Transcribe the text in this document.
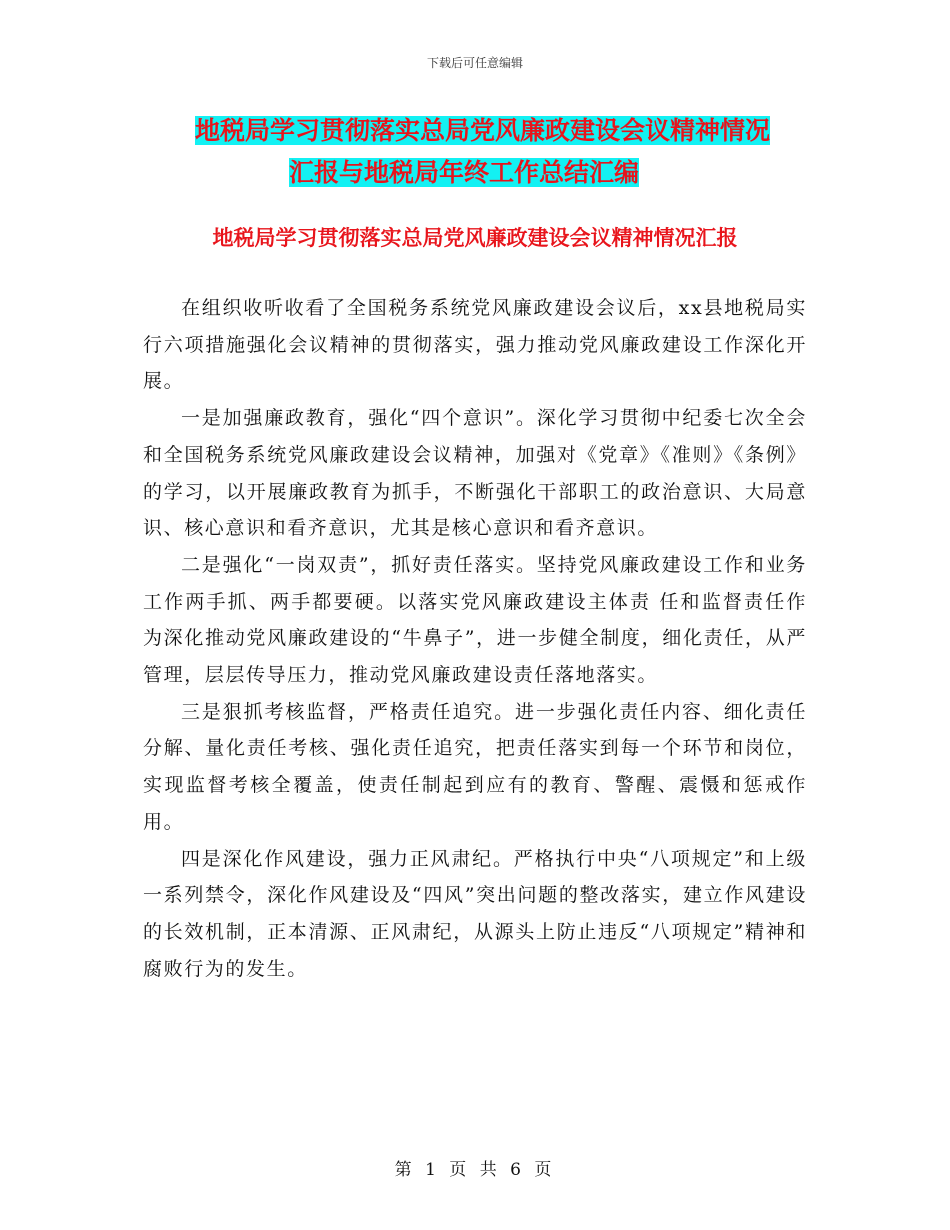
下载后可任意编辑
地税局学习贯彻落实总局党风廉政建设会议精神情况
汇报与地税局年终工作总结汇编
地税局学习贯彻落实总局党风廉政建设会议精神情况汇报

在组织收听收看了全国税务系统党风廉政建设会议后，xx县地税局实行六项措施强化会议精神的贯彻落实，强力推动党风廉政建设工作深化开展。

一是加强廉政教育，强化“四个意识”。深化学习贯彻中纪委七次全会和全国税务系统党风廉政建设会议精神，加强对《党章》《准则》《条例》的学习，以开展廉政教育为抓手，不断强化干部职工的政治意识、大局意识、核心意识和看齐意识，尤其是核心意识和看齐意识。

二是强化“一岗双责”，抓好责任落实。坚持党风廉政建设工作和业务工作两手抓、两手都要硬。以落实党风廉政建设主体责 任和监督责任作为深化推动党风廉政建设的“牛鼻子”，进一步健全制度，细化责任，从严管理，层层传导压力，推动党风廉政建设责任落地落实。

三是狠抓考核监督，严格责任追究。进一步强化责任内容、细化责任分解、量化责任考核、强化责任追究，把责任落实到每一个环节和岗位，实现监督考核全覆盖，使责任制起到应有的教育、警醒、震慑和惩戒作用。

四是深化作风建设，强力正风肃纪。严格执行中央“八项规定”和上级一系列禁令，深化作风建设及“四风”突出问题的整改落实，建立作风建设的长效机制，正本清源、正风肃纪，从源头上防止违反“八项规定”精神和腐败行为的发生。

第 1 页 共 6 页
